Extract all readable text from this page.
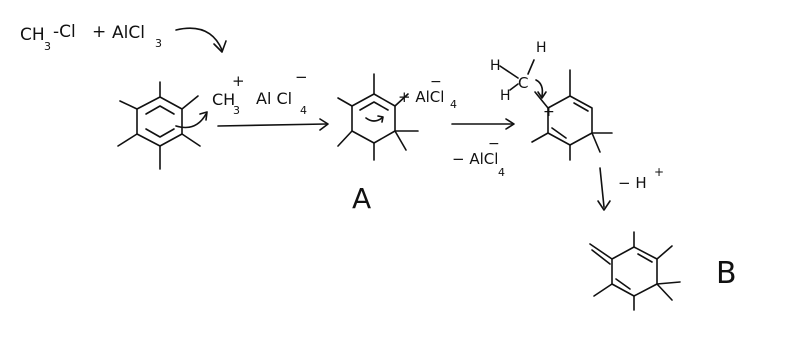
CH
3
-Cl + AlCl
3
CH
3
+
Al Cl
4
−
+ AlCl 4
−
A
− AlCl
4
−
+
C
H
H
H
− H
+
B
